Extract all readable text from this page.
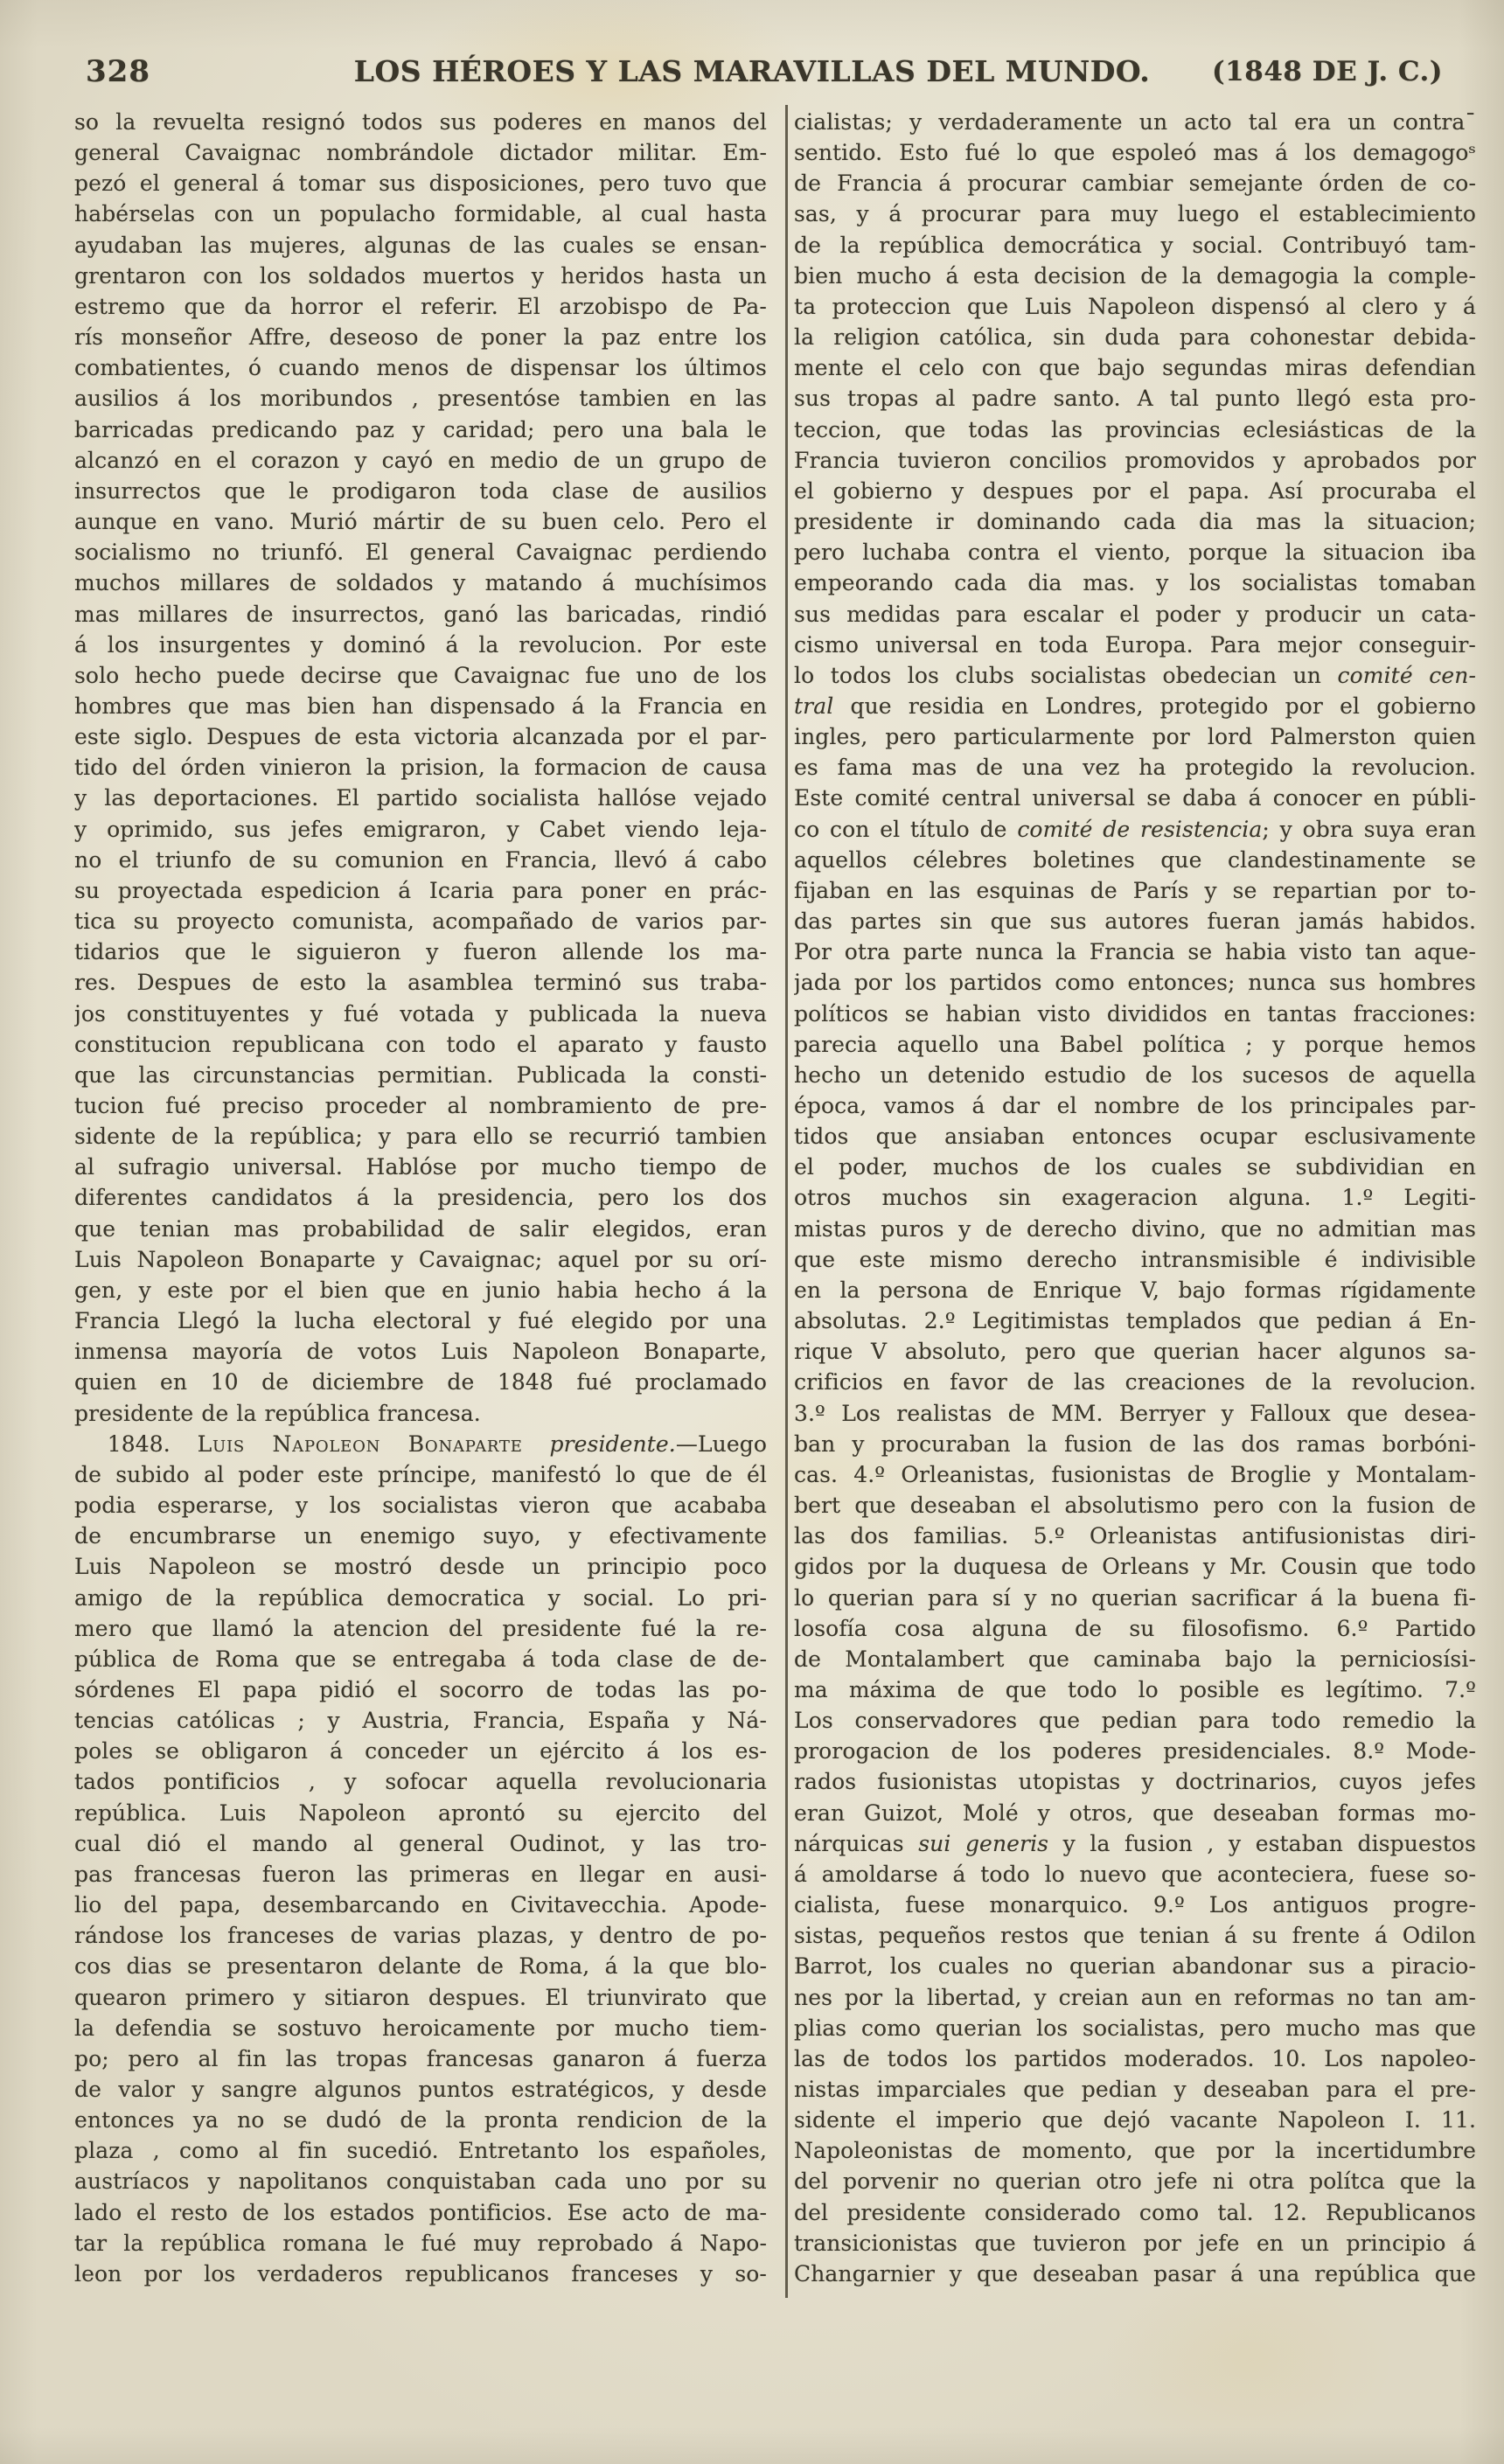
328	LOS HÉROES Y LAS MARAVILLAS DEL MUNDO.	(1848 DE J. C.)
so la revuelta resignó todos sus poderes en manos del
general Cavaignac nombrándole dictador militar. Em-
pezó el general á tomar sus disposiciones, pero tuvo que
habérselas con un populacho formidable, al cual hasta
ayudaban las mujeres, algunas de las cuales se ensan-
grentaron con los soldados muertos y heridos hasta un
estremo que da horror el referir. El arzobispo de Pa-
rís monseñor Affre, deseoso de poner la paz entre los
combatientes, ó cuando menos de dispensar los últimos
ausilios á los moribundos , presentóse tambien en las
barricadas predicando paz y caridad; pero una bala le
alcanzó en el corazon y cayó en medio de un grupo de
insurrectos que le prodigaron toda clase de ausilios
aunque en vano. Murió mártir de su buen celo. Pero el
socialismo no triunfó. El general Cavaignac perdiendo
muchos millares de soldados y matando á muchísimos
mas millares de insurrectos, ganó las baricadas, rindió
á los insurgentes y dominó á la revolucion. Por este
solo hecho puede decirse que Cavaignac fue uno de los
hombres que mas bien han dispensado á la Francia en
este siglo. Despues de esta victoria alcanzada por el par-
tido del órden vinieron la prision, la formacion de causa
y las deportaciones. El partido socialista hallóse vejado
y oprimido, sus jefes emigraron, y Cabet viendo leja-
no el triunfo de su comunion en Francia, llevó á cabo
su proyectada espedicion á Icaria para poner en prác-
tica su proyecto comunista, acompañado de varios par-
tidarios que le siguieron y fueron allende los ma-
res. Despues de esto la asamblea terminó sus traba-
jos constituyentes y fué votada y publicada la nueva
constitucion republicana con todo el aparato y fausto
que las circunstancias permitian. Publicada la consti-
tucion fué preciso proceder al nombramiento de pre-
sidente de la república; y para ello se recurrió tambien
al sufragio universal. Hablóse por mucho tiempo de
diferentes candidatos á la presidencia, pero los dos
que tenian mas probabilidad de salir elegidos, eran
Luis Napoleon Bonaparte y Cavaignac; aquel por su orí-
gen, y este por el bien que en junio habia hecho á la
Francia Llegó la lucha electoral y fué elegido por una
inmensa mayoría de votos Luis Napoleon Bonaparte,
quien en 10 de diciembre de 1848 fué proclamado
presidente de la república francesa.
  1848. Luis Napoleon Bonaparte presidente.—Luego
de subido al poder este príncipe, manifestó lo que de él
podia esperarse, y los socialistas vieron que acababa
de encumbrarse un enemigo suyo, y efectivamente
Luis Napoleon se mostró desde un principio poco
amigo de la república democratica y social. Lo pri-
mero que llamó la atencion del presidente fué la re-
pública de Roma que se entregaba á toda clase de de-
sórdenes El papa pidió el socorro de todas las po-
tencias católicas ; y Austria, Francia, España y Ná-
poles se obligaron á conceder un ejército á los es-
tados pontificios , y sofocar aquella revolucionaria
república. Luis Napoleon aprontó su ejercito del
cual dió el mando al general Oudinot, y las tro-
pas francesas fueron las primeras en llegar en ausi-
lio del papa, desembarcando en Civitavecchia. Apode-
rándose los franceses de varias plazas, y dentro de po-
cos dias se presentaron delante de Roma, á la que blo-
quearon primero y sitiaron despues. El triunvirato que
la defendia se sostuvo heroicamente por mucho tiem-
po; pero al fin las tropas francesas ganaron á fuerza
de valor y sangre algunos puntos estratégicos, y desde
entonces ya no se dudó de la pronta rendicion de la
plaza , como al fin sucedió. Entretanto los españoles,
austríacos y napolitanos conquistaban cada uno por su
lado el resto de los estados pontificios. Ese acto de ma-
tar la república romana le fué muy reprobado á Napo-
leon por los verdaderos republicanos franceses y so-
cialistas; y verdaderamente un acto tal era un contra¯
sentido. Esto fué lo que espoleó mas á los demagogoˢ
de Francia á procurar cambiar semejante órden de co-
sas, y á procurar para muy luego el establecimiento
de la república democrática y social. Contribuyó tam-
bien mucho á esta decision de la demagogia la comple-
ta proteccion que Luis Napoleon dispensó al clero y á
la religion católica, sin duda para cohonestar debida-
mente el celo con que bajo segundas miras defendian
sus tropas al padre santo. A tal punto llegó esta pro-
teccion, que todas las provincias eclesiásticas de la
Francia tuvieron concilios promovidos y aprobados por
el gobierno y despues por el papa. Así procuraba el
presidente ir dominando cada dia mas la situacion;
pero luchaba contra el viento, porque la situacion iba
empeorando cada dia mas. y los socialistas tomaban
sus medidas para escalar el poder y producir un cata-
cismo universal en toda Europa. Para mejor conseguir-
lo todos los clubs socialistas obedecian un comité cen-
tral que residia en Londres, protegido por el gobierno
ingles, pero particularmente por lord Palmerston quien
es fama mas de una vez ha protegido la revolucion.
Este comité central universal se daba á conocer en públi-
co con el título de comité de resistencia; y obra suya eran
aquellos célebres boletines que clandestinamente se
fijaban en las esquinas de París y se repartian por to-
das partes sin que sus autores fueran jamás habidos.
Por otra parte nunca la Francia se habia visto tan aque-
jada por los partidos como entonces; nunca sus hombres
políticos se habian visto divididos en tantas fracciones:
parecia aquello una Babel política ; y porque hemos
hecho un detenido estudio de los sucesos de aquella
época, vamos á dar el nombre de los principales par-
tidos que ansiaban entonces ocupar esclusivamente
el poder, muchos de los cuales se subdividian en
otros muchos sin exageracion alguna. 1.º Legiti-
mistas puros y de derecho divino, que no admitian mas
que este mismo derecho intransmisible é indivisible
en la persona de Enrique V, bajo formas rígidamente
absolutas. 2.º Legitimistas templados que pedian á En-
rique V absoluto, pero que querian hacer algunos sa-
crificios en favor de las creaciones de la revolucion.
3.º Los realistas de MM. Berryer y Falloux que desea-
ban y procuraban la fusion de las dos ramas borbóni-
cas. 4.º Orleanistas, fusionistas de Broglie y Montalam-
bert que deseaban el absolutismo pero con la fusion de
las dos familias. 5.º Orleanistas antifusionistas diri-
gidos por la duquesa de Orleans y Mr. Cousin que todo
lo querian para sí y no querian sacrificar á la buena fi-
losofía cosa alguna de su filosofismo. 6.º Partido
de Montalambert que caminaba bajo la perniciosísi-
ma máxima de que todo lo posible es legítimo. 7.º
Los conservadores que pedian para todo remedio la
prorogacion de los poderes presidenciales. 8.º Mode-
rados fusionistas utopistas y doctrinarios, cuyos jefes
eran Guizot, Molé y otros, que deseaban formas mo-
nárquicas sui generis y la fusion , y estaban dispuestos
á amoldarse á todo lo nuevo que aconteciera, fuese so-
cialista, fuese monarquico. 9.º Los antiguos progre-
sistas, pequeños restos que tenian á su frente á Odilon
Barrot, los cuales no querian abandonar sus a piracio-
nes por la libertad, y creian aun en reformas no tan am-
plias como querian los socialistas, pero mucho mas que
las de todos los partidos moderados. 10. Los napoleo-
nistas imparciales que pedian y deseaban para el pre-
sidente el imperio que dejó vacante Napoleon I. 11.
Napoleonistas de momento, que por la incertidumbre
del porvenir no querian otro jefe ni otra polítca que la
del presidente considerado como tal. 12. Republicanos
transicionistas que tuvieron por jefe en un principio á
Changarnier y que deseaban pasar á una república que
